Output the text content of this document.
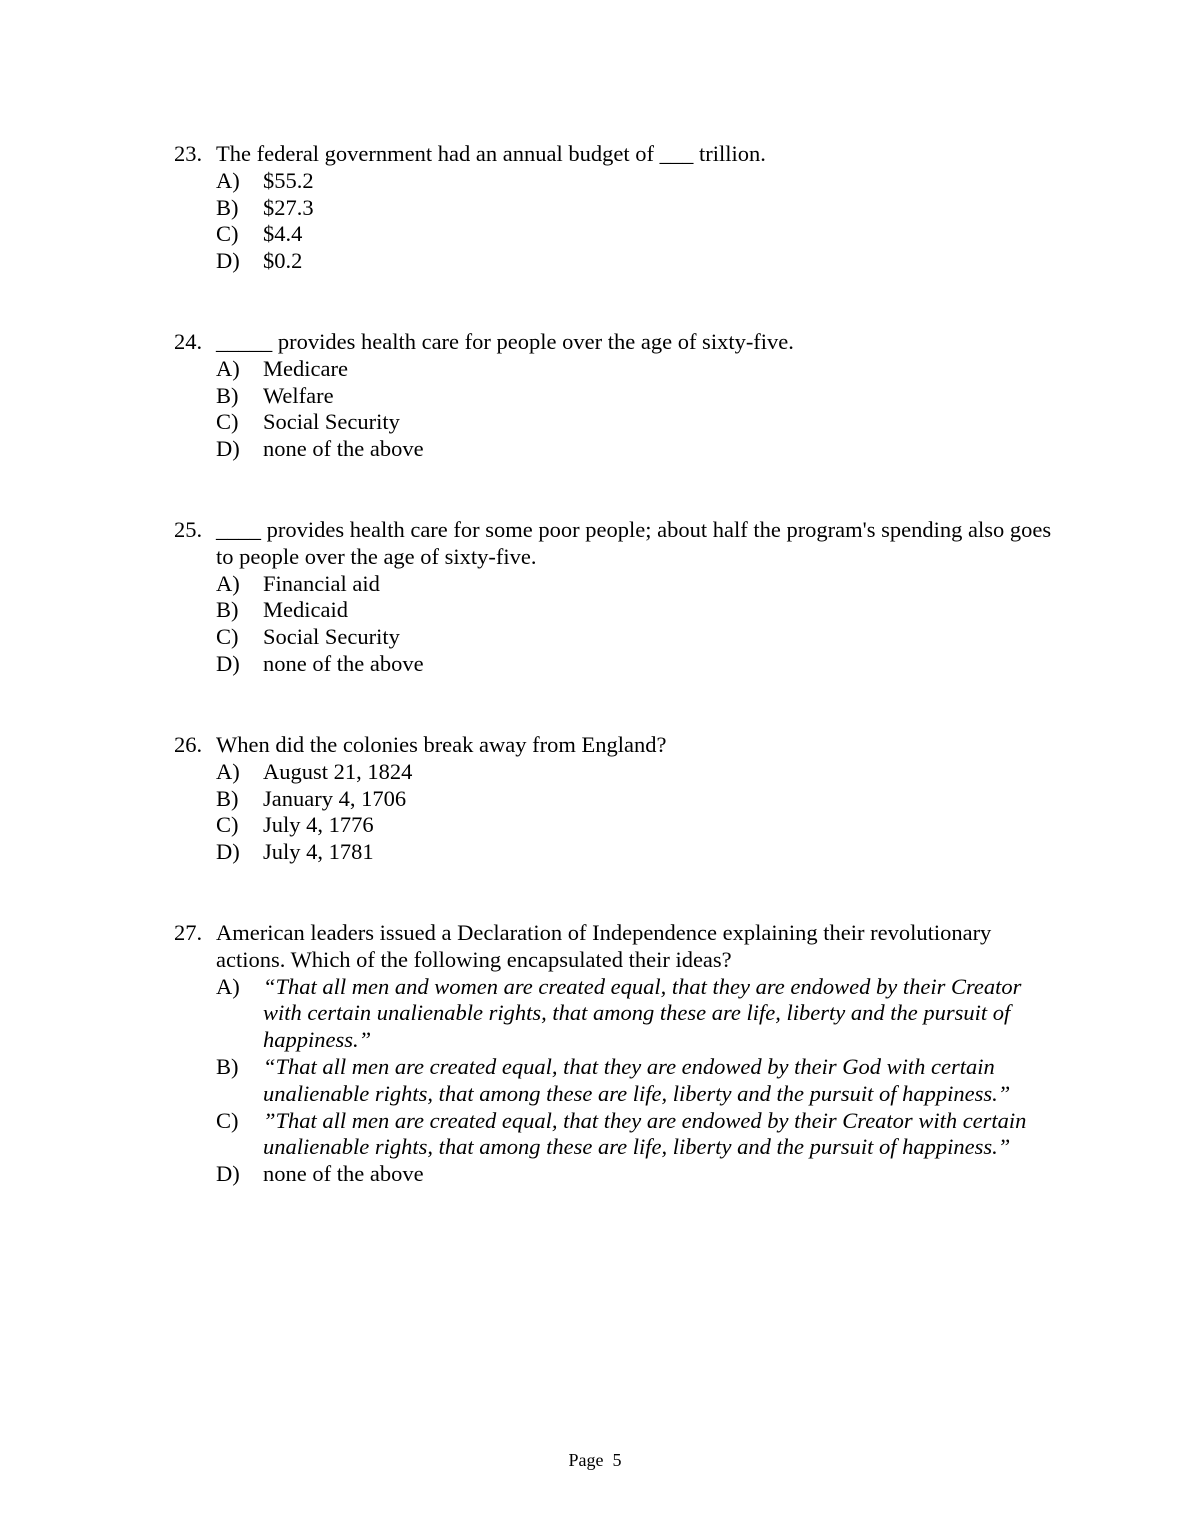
23. The federal government had an annual budget of ___ trillion.
A)	$55.2
B)	$27.3
C)	$4.4
D)	$0.2
24. _____ provides health care for people over the age of sixty-five.
A)	Medicare
B)	Welfare
C)	Social Security
D)	none of the above
25. ____ provides health care for some poor people; about half the program's spending also goes to people over the age of sixty-five.
A)	Financial aid
B)	Medicaid
C)	Social Security
D)	none of the above
26. When did the colonies break away from England?
A)	August 21, 1824
B)	January 4, 1706
C)	July 4, 1776
D)	July 4, 1781
27. American leaders issued a Declaration of Independence explaining their revolutionary actions. Which of the following encapsulated their ideas?
A)	“That all men and women are created equal, that they are endowed by their Creator with certain unalienable rights, that among these are life, liberty and the pursuit of happiness.”
B)	“That all men are created equal, that they are endowed by their God with certain unalienable rights, that among these are life, liberty and the pursuit of happiness.”
C)	”That all men are created equal, that they are endowed by their Creator with certain unalienable rights, that among these are life, liberty and the pursuit of happiness.”
D)	none of the above
Page  5
